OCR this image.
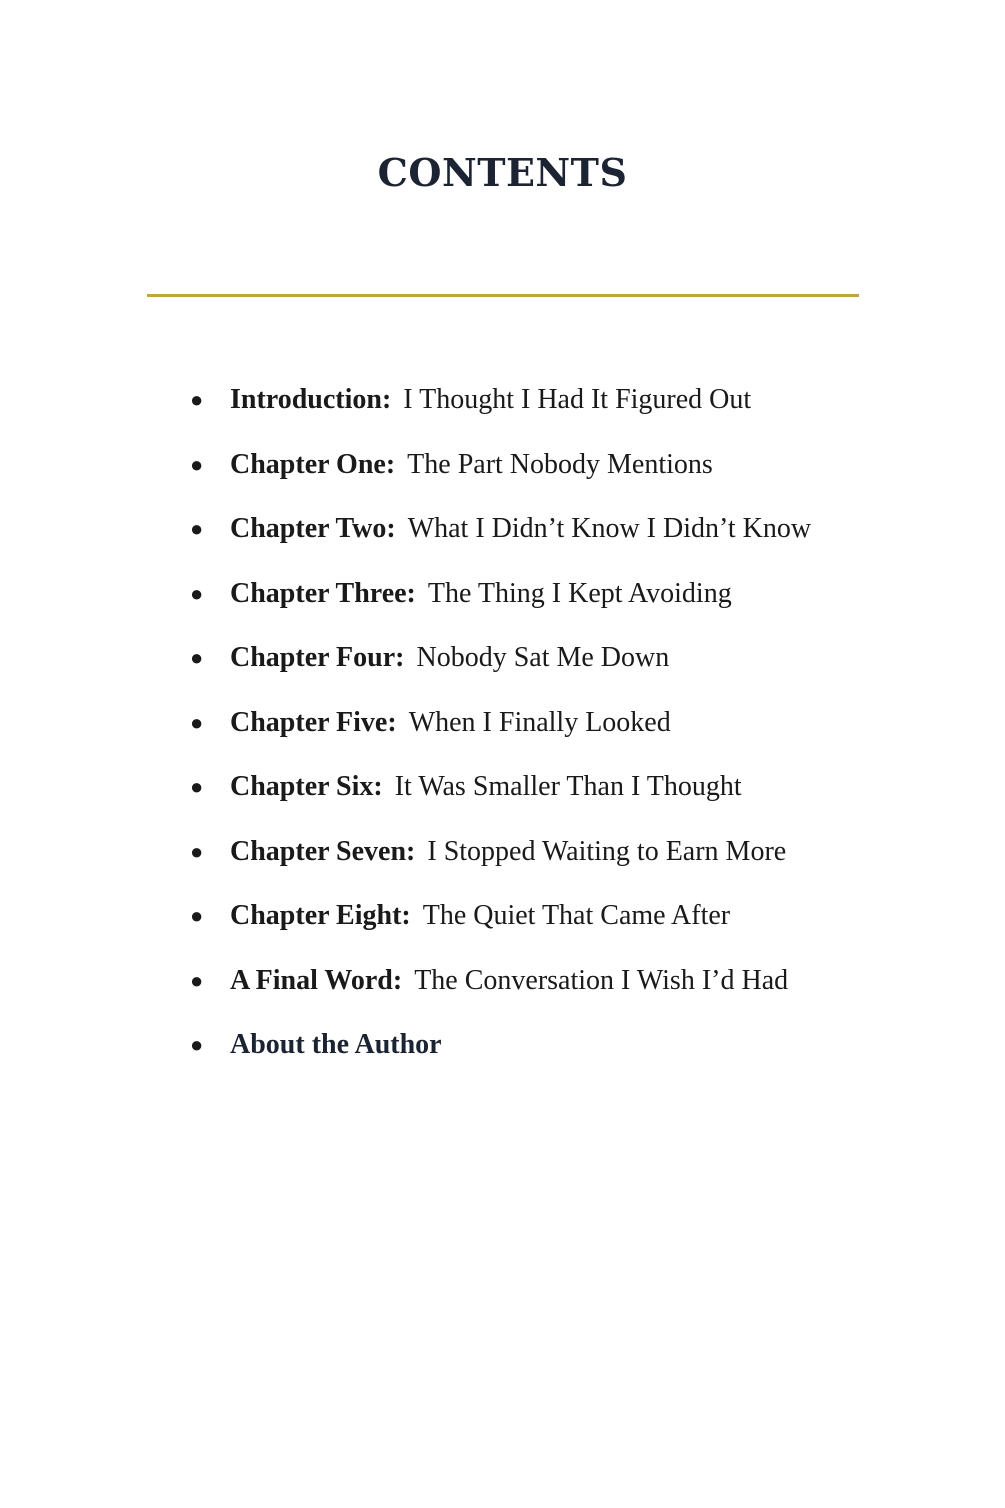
CONTENTS
● Introduction: I Thought I Had It Figured Out
● Chapter One: The Part Nobody Mentions
● Chapter Two: What I Didn’t Know I Didn’t Know
● Chapter Three: The Thing I Kept Avoiding
● Chapter Four: Nobody Sat Me Down
● Chapter Five: When I Finally Looked
● Chapter Six: It Was Smaller Than I Thought
● Chapter Seven: I Stopped Waiting to Earn More
● Chapter Eight: The Quiet That Came After
● A Final Word: The Conversation I Wish I’d Had
● About the Author
